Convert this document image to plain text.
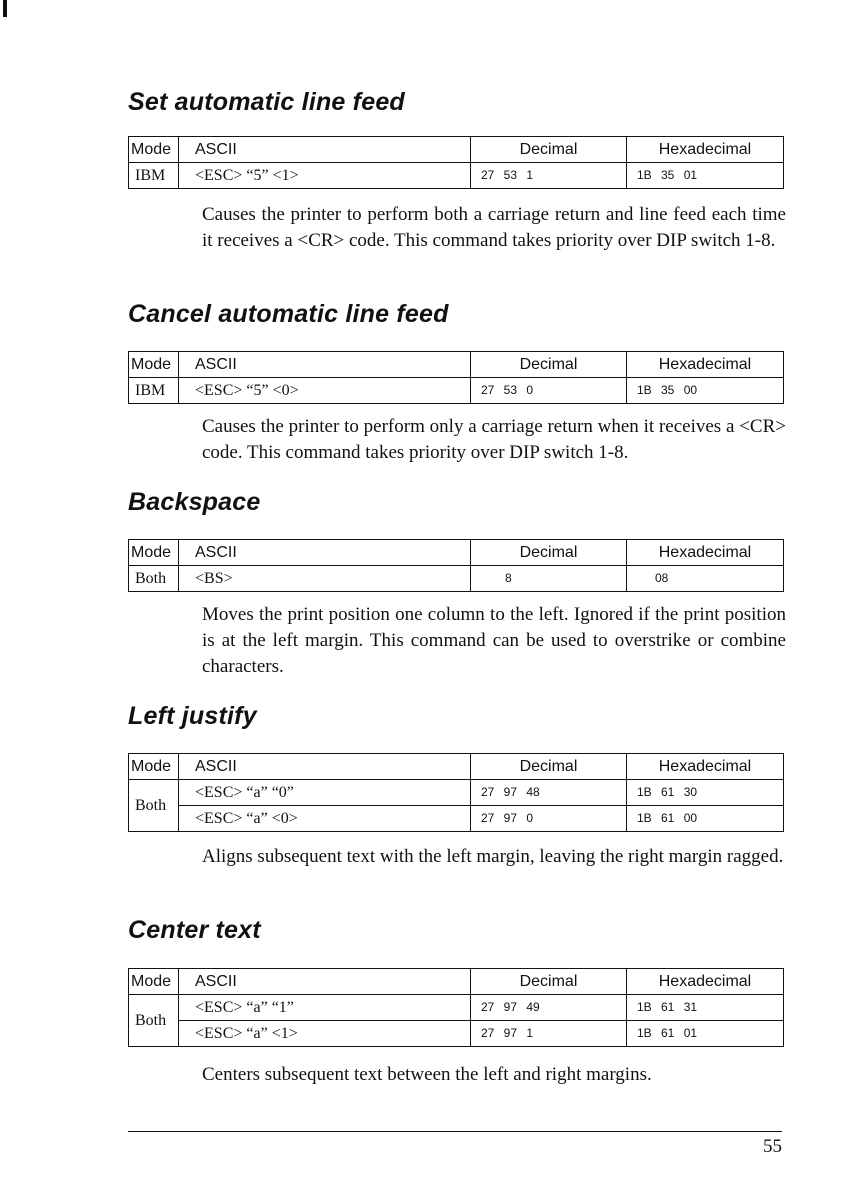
Set automatic line feed
Mode	ASCII	Decimal	Hexadecimal
IBM	<ESC> “5” <1>	27 53 1	1B 35 01

Causes the printer to perform both a carriage return and line feed each time it receives a <CR> code. This command takes priority over DIP switch 1-8.

Cancel automatic line feed
Mode	ASCII	Decimal	Hexadecimal
IBM	<ESC> “5” <0>	27 53 0	1B 35 00

Causes the printer to perform only a carriage return when it receives a <CR> code. This command takes priority over DIP switch 1-8.

Backspace
Mode	ASCII	Decimal	Hexadecimal
Both	<BS>	8	08

Moves the print position one column to the left. Ignored if the print position is at the left margin. This command can be used to overstrike or combine characters.

Left justify
Mode	ASCII	Decimal	Hexadecimal
Both	<ESC> “a” “0”	27 97 48	1B 61 30
	<ESC> “a” <0>	27 97 0	1B 61 00

Aligns subsequent text with the left margin, leaving the right margin ragged.

Center text
Mode	ASCII	Decimal	Hexadecimal
Both	<ESC> “a” “1”	27 97 49	1B 61 31
	<ESC> “a” <1>	27 97 1	1B 61 01

Centers subsequent text between the left and right margins.

55
